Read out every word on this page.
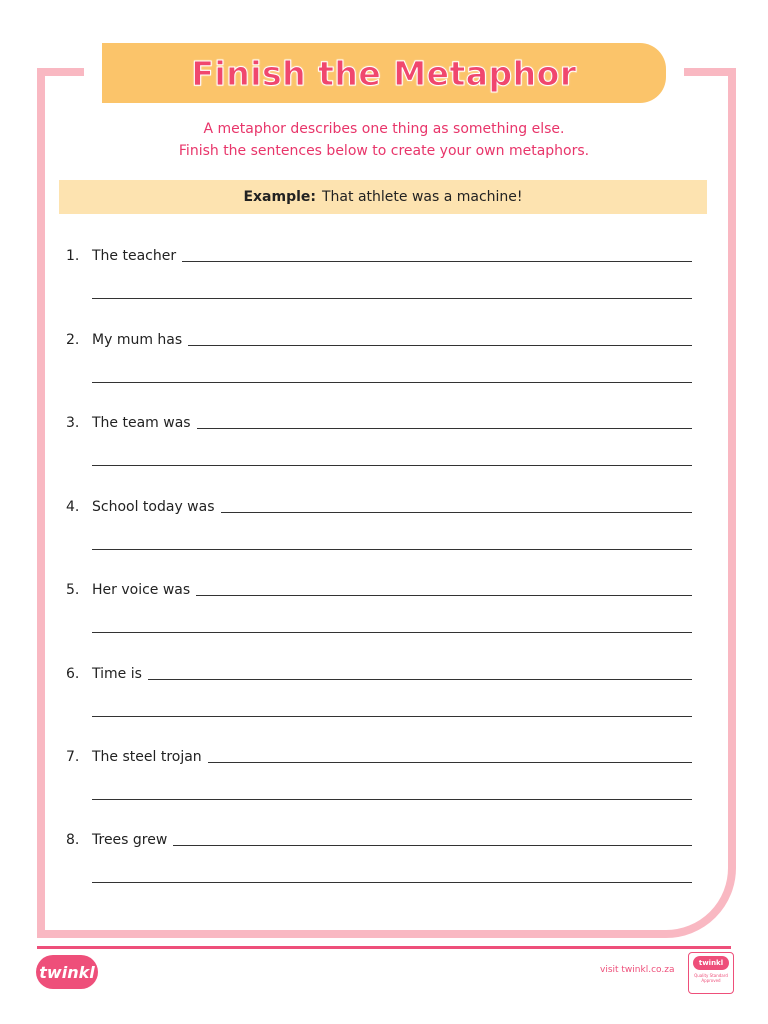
Finish the Metaphor
A metaphor describes one thing as something else.
Finish the sentences below to create your own metaphors.
Example: That athlete was a machine!
1. The teacher
2. My mum has
3. The team was
4. School today was
5. Her voice was
6. Time is
7. The steel trojan
8. Trees grew
twinkl	visit twinkl.co.za
twinkl
Quality Standard Approved
